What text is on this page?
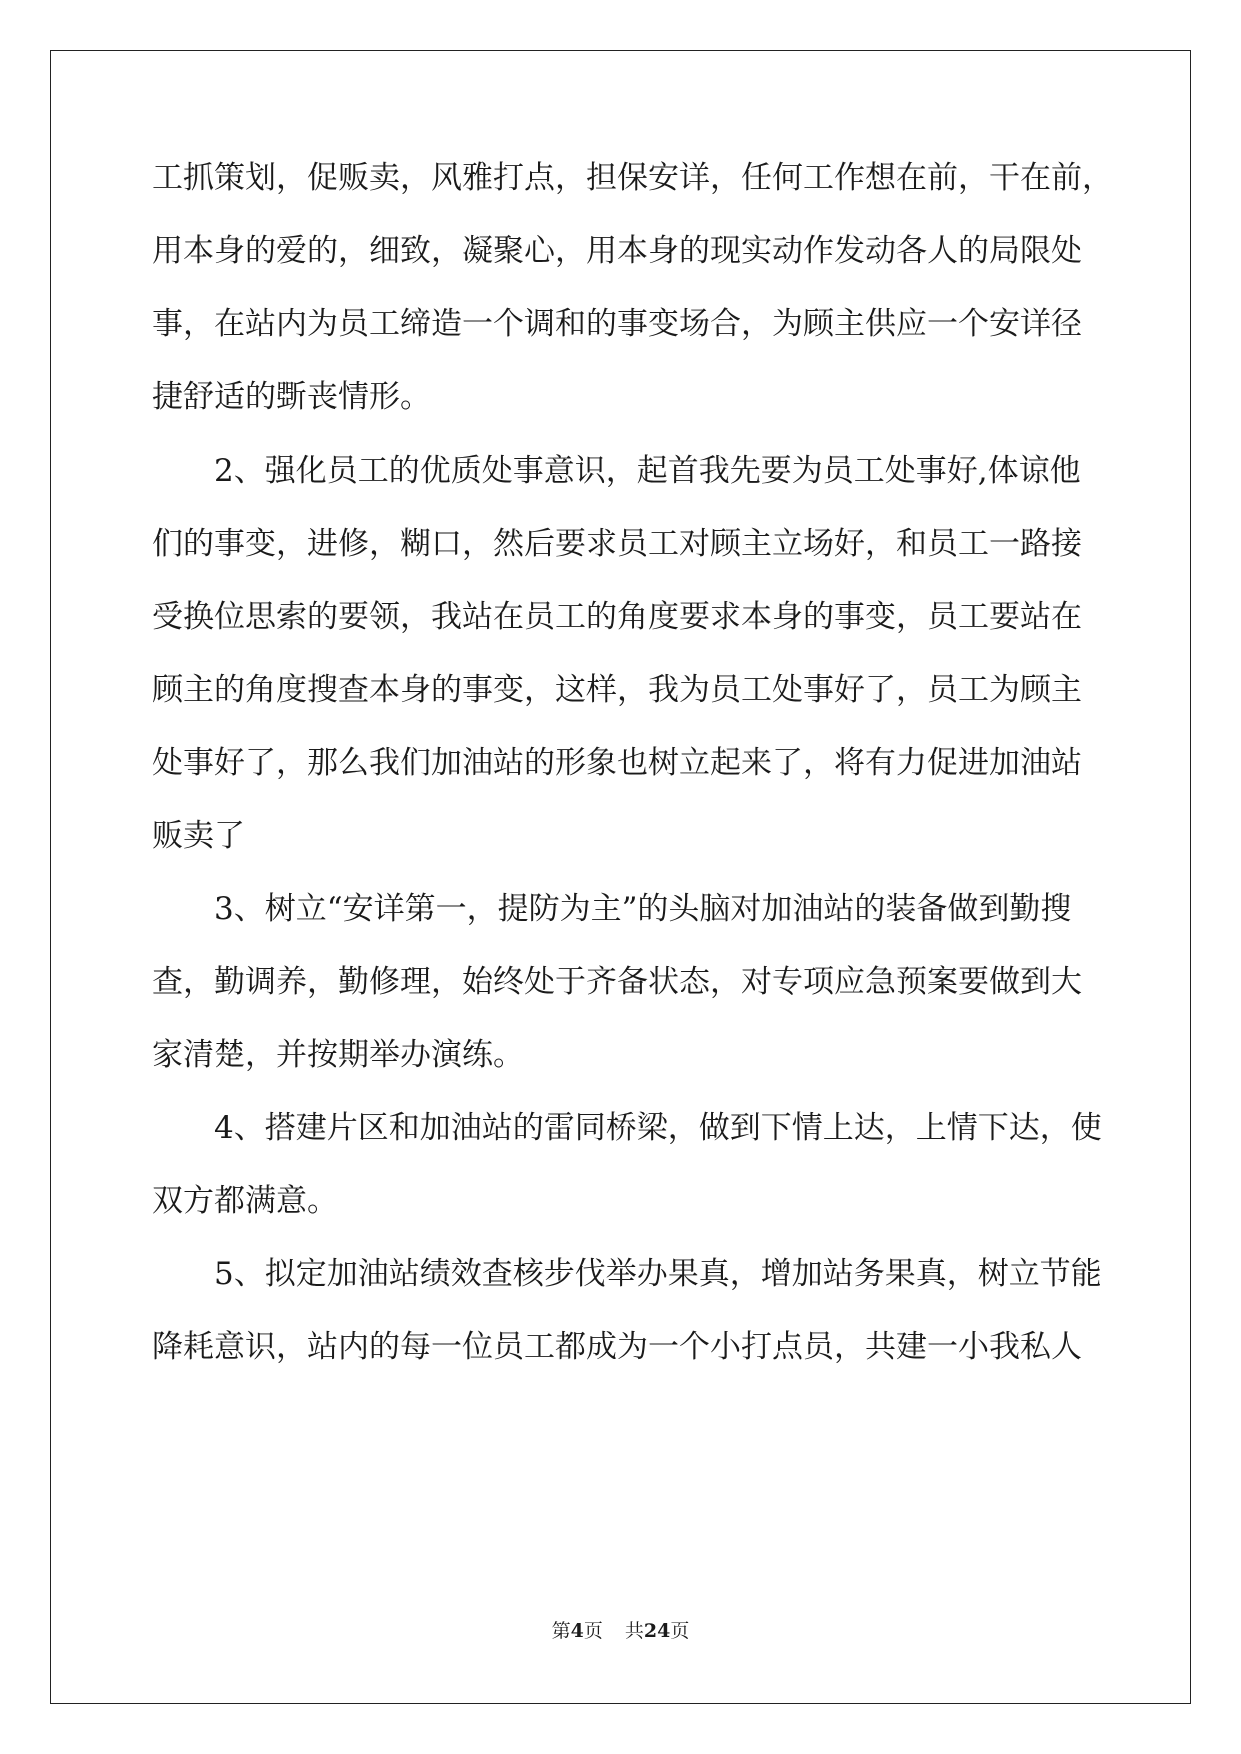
工抓策划，促贩卖，风雅打点，担保安详，任何工作想在前，干在前，
用本身的爱的，细致，凝聚心，用本身的现实动作发动各人的局限处
事，在站内为员工缔造一个调和的事变场合，为顾主供应一个安详径
捷舒适的斲丧情形。
2、强化员工的优质处事意识，起首我先要为员工处事好,体谅他
们的事变，进修，糊口，然后要求员工对顾主立场好，和员工一路接
受换位思索的要领，我站在员工的角度要求本身的事变，员工要站在
顾主的角度搜查本身的事变，这样，我为员工处事好了，员工为顾主
处事好了，那么我们加油站的形象也树立起来了，将有力促进加油站
贩卖了
3、树立“安详第一，提防为主”的头脑对加油站的装备做到勤搜
查，勤调养，勤修理，始终处于齐备状态，对专项应急预案要做到大
家清楚，并按期举办演练。
4、搭建片区和加油站的雷同桥梁，做到下情上达，上情下达，使
双方都满意。
5、拟定加油站绩效查核步伐举办果真，增加站务果真，树立节能
降耗意识，站内的每一位员工都成为一个小打点员，共建一小我私人
第4页 共24页
